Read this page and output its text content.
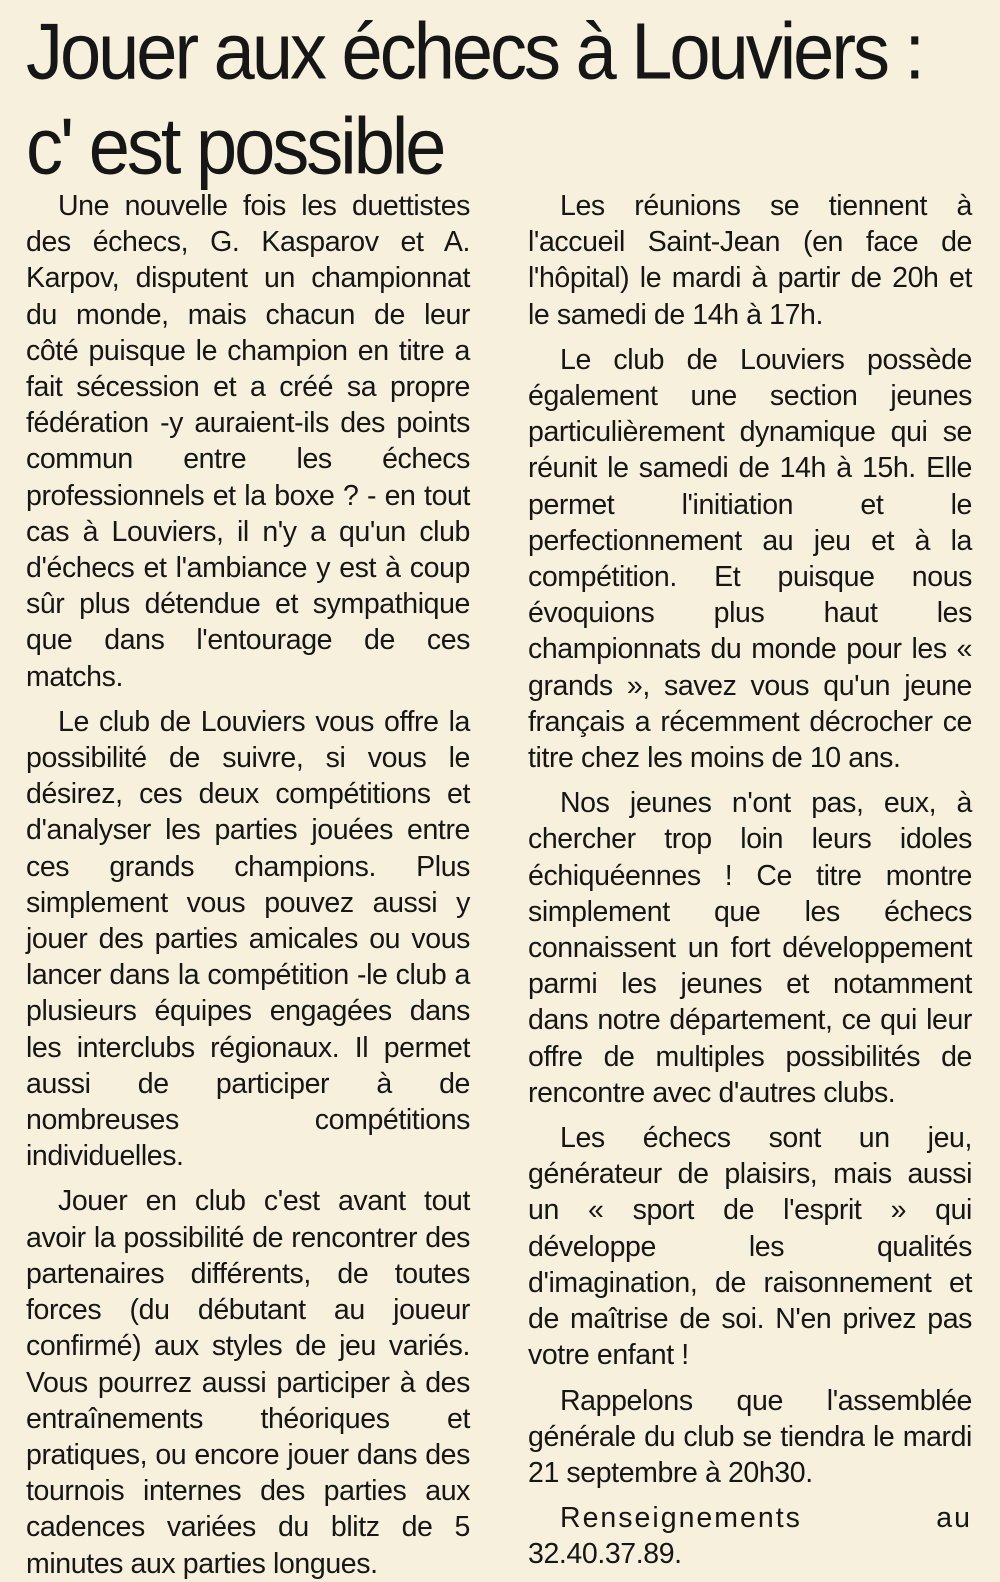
Jouer aux échecs à Louviers :
c' est possible

Une nouvelle fois les duettistes des échecs, G. Kasparov et A. Karpov, disputent un championnat du monde, mais chacun de leur côté puisque le champion en titre a fait sécession et a créé sa propre fédération -y auraient-ils des points commun entre les échecs professionnels et la boxe ? - en tout cas à Louviers, il n'y a qu'un club d'échecs et l'ambiance y est à coup sûr plus détendue et sympathique que dans l'entourage de ces matchs.

Le club de Louviers vous offre la possibilité de suivre, si vous le désirez, ces deux compétitions et d'analyser les parties jouées entre ces grands champions. Plus simplement vous pouvez aussi y jouer des parties amicales ou vous lancer dans la compétition -le club a plusieurs équipes engagées dans les interclubs régionaux. Il permet aussi de participer à de nombreuses compétitions individuelles.

Jouer en club c'est avant tout avoir la possibilité de rencontrer des partenaires différents, de toutes forces (du débutant au joueur confirmé) aux styles de jeu variés. Vous pourrez aussi participer à des entraînements théoriques et pratiques, ou encore jouer dans des tournois internes des parties aux cadences variées du blitz de 5 minutes aux parties longues.

Les réunions se tiennent à l'accueil Saint-Jean (en face de l'hôpital) le mardi à partir de 20h et le samedi de 14h à 17h.

Le club de Louviers possède également une section jeunes particulièrement dynamique qui se réunit le samedi de 14h à 15h. Elle permet l'initiation et le perfectionnement au jeu et à la compétition. Et puisque nous évoquions plus haut les championnats du monde pour les « grands », savez vous qu'un jeune français a récemment décrocher ce titre chez les moins de 10 ans.

Nos jeunes n'ont pas, eux, à chercher trop loin leurs idoles échiquéennes ! Ce titre montre simplement que les échecs connaissent un fort développement parmi les jeunes et notamment dans notre département, ce qui leur offre de multiples possibilités de rencontre avec d'autres clubs.

Les échecs sont un jeu, générateur de plaisirs, mais aussi un « sport de l'esprit » qui développe les qualités d'imagination, de raisonnement et de maîtrise de soi. N'en privez pas votre enfant !

Rappelons que l'assemblée générale du club se tiendra le mardi 21 septembre à 20h30.

Renseignements au

32.40.37.89.
